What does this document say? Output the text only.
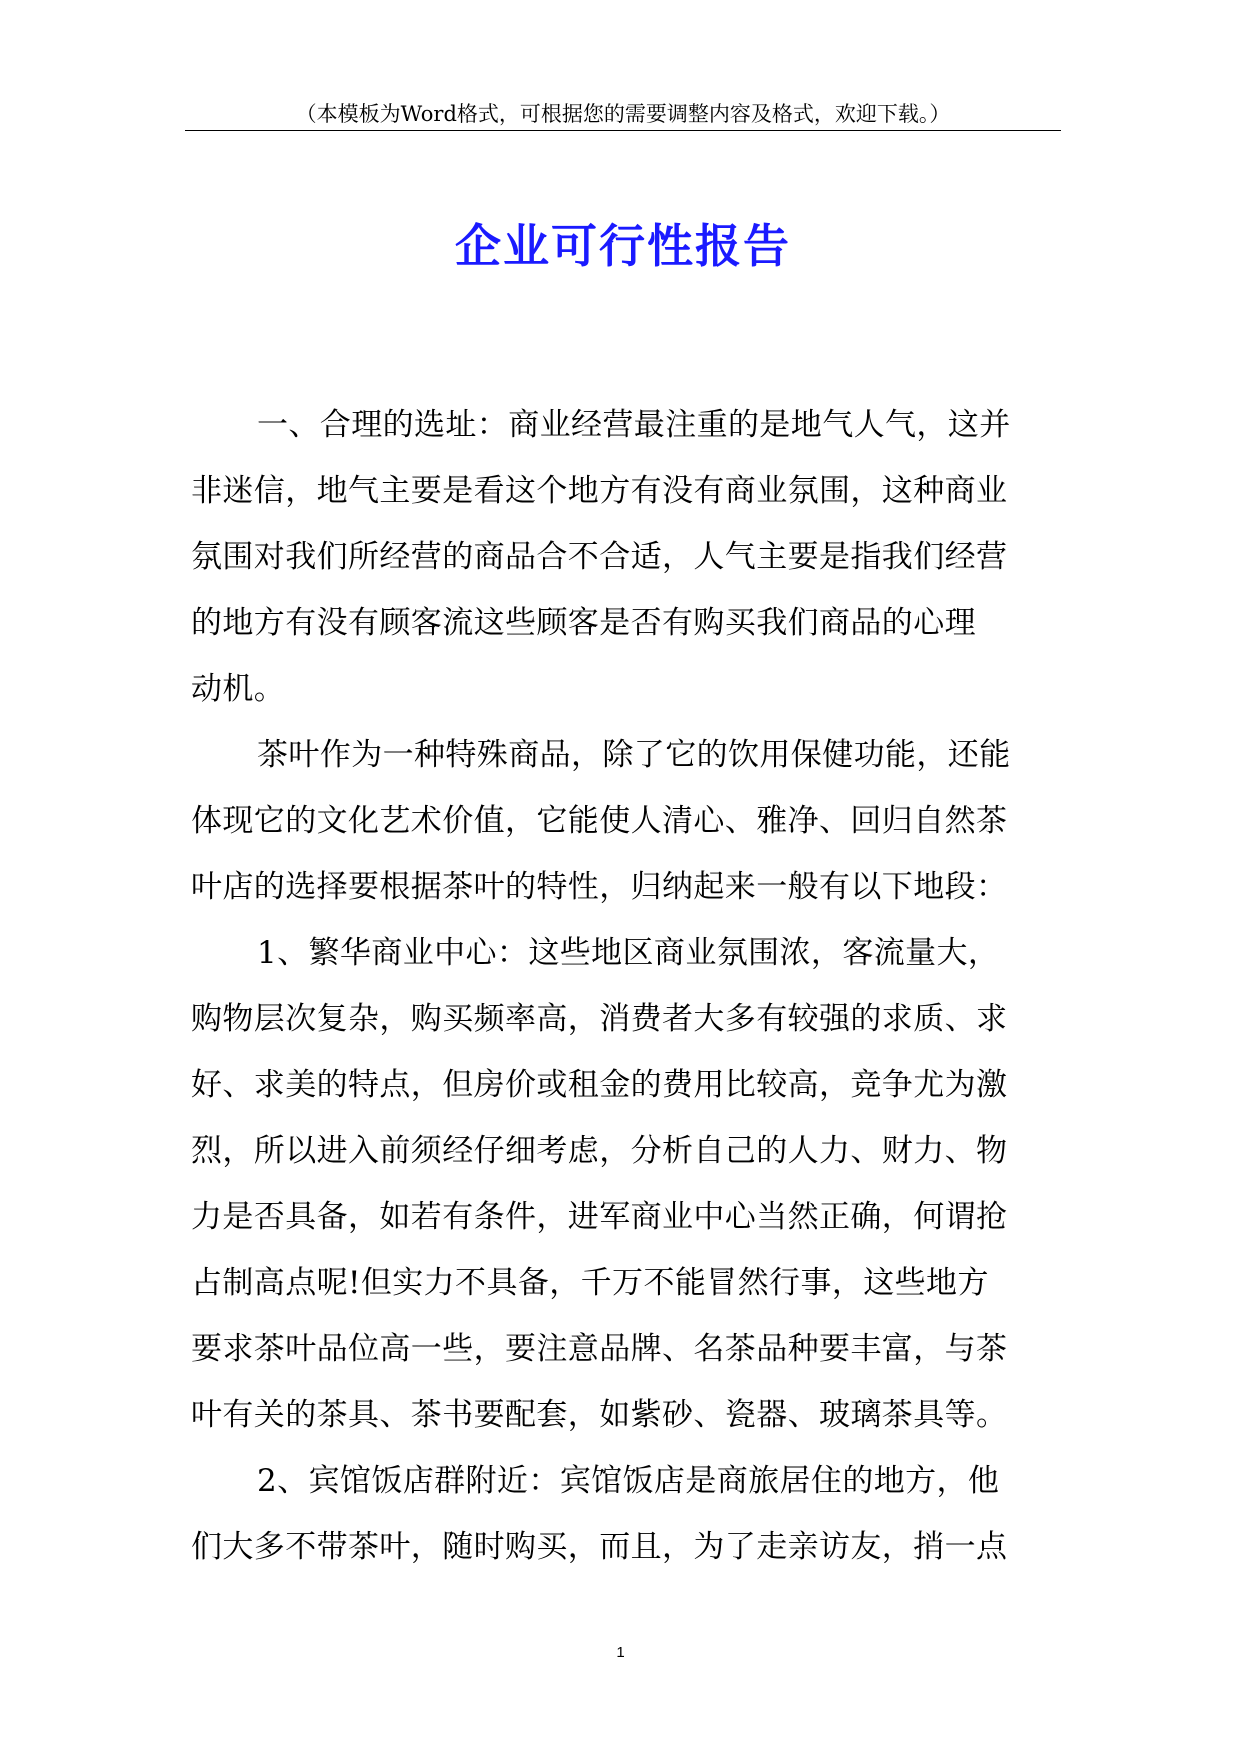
（本模板为Word格式，可根据您的需要调整内容及格式，欢迎下载。）
企业可行性报告
一、合理的选址：商业经营最注重的是地气人气，这并
非迷信，地气主要是看这个地方有没有商业氛围，这种商业
氛围对我们所经营的商品合不合适，人气主要是指我们经营
的地方有没有顾客流这些顾客是否有购买我们商品的心理
动机。
茶叶作为一种特殊商品，除了它的饮用保健功能，还能
体现它的文化艺术价值，它能使人清心、雅净、回归自然茶
叶店的选择要根据茶叶的特性，归纳起来一般有以下地段：
1、繁华商业中心：这些地区商业氛围浓，客流量大，
购物层次复杂，购买频率高，消费者大多有较强的求质、求
好、求美的特点，但房价或租金的费用比较高，竞争尤为激
烈，所以进入前须经仔细考虑，分析自己的人力、财力、物
力是否具备，如若有条件，进军商业中心当然正确，何谓抢
占制高点呢!但实力不具备，千万不能冒然行事，这些地方
要求茶叶品位高一些，要注意品牌、名茶品种要丰富，与茶
叶有关的茶具、茶书要配套，如紫砂、瓷器、玻璃茶具等。
2、宾馆饭店群附近：宾馆饭店是商旅居住的地方，他
们大多不带茶叶，随时购买，而且，为了走亲访友，捎一点
1
